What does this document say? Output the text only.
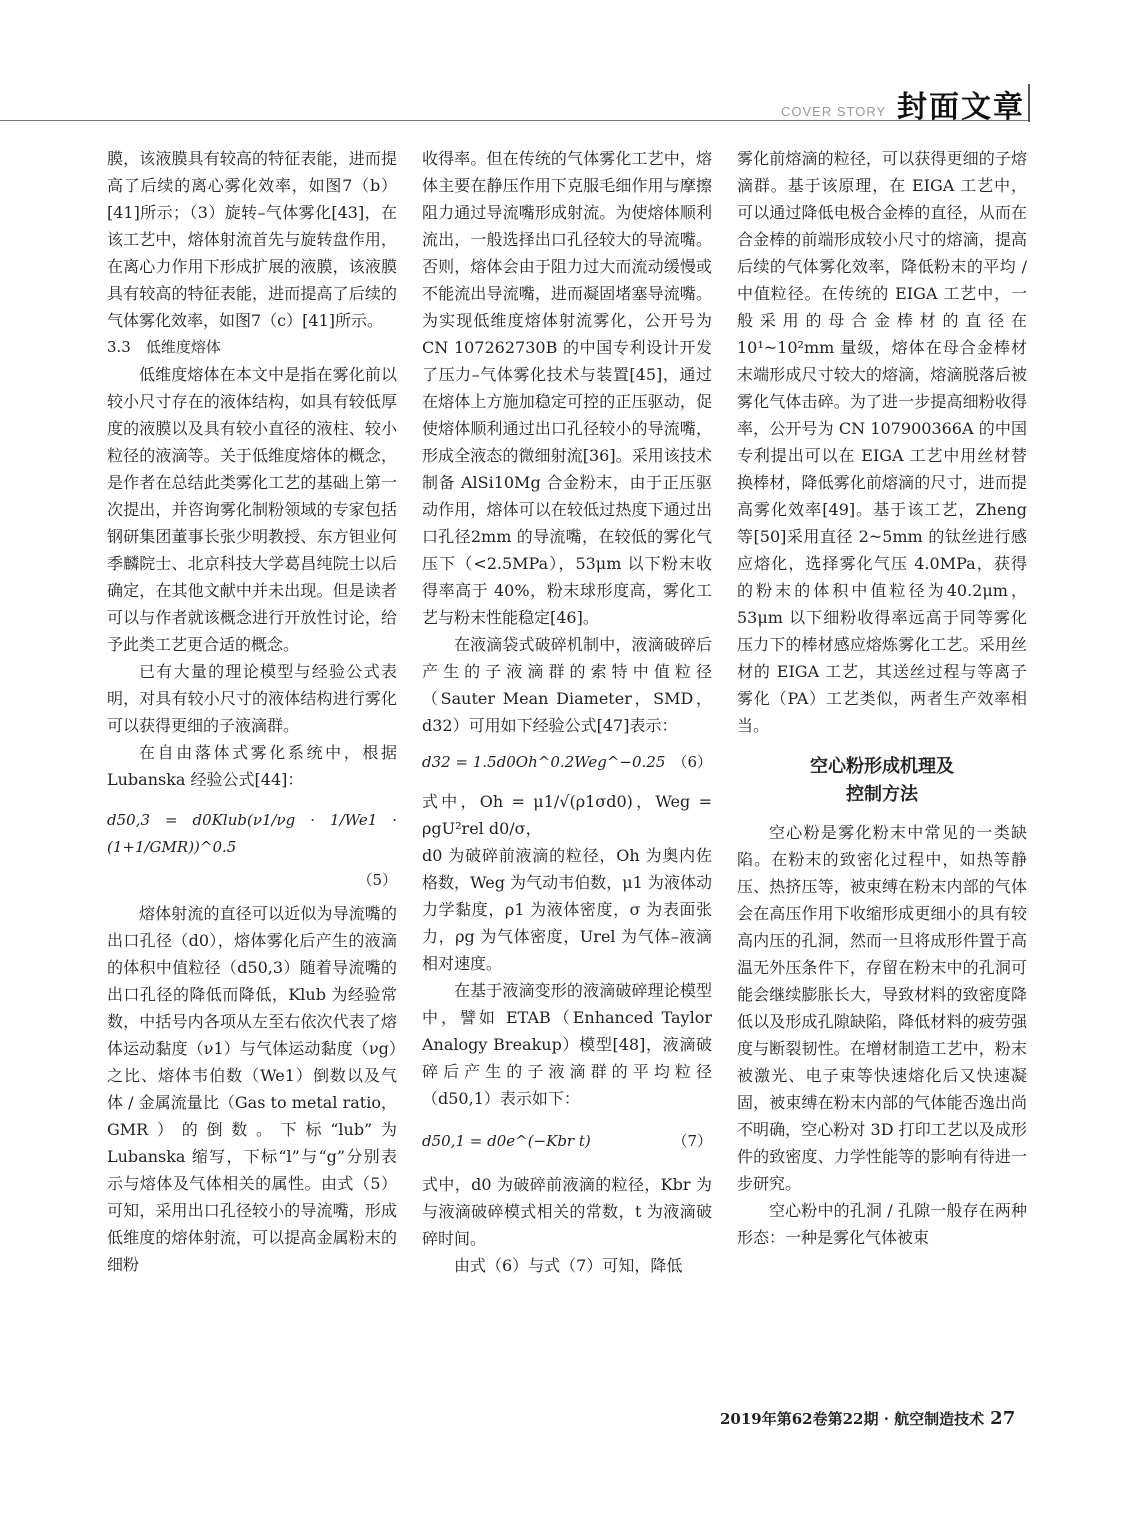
COVER STORY 封面文章

膜，该液膜具有较高的特征表能，进而提高了后续的离心雾化效率，如图7（b）[41]所示；（3）旋转–气体雾化[43]，在该工艺中，熔体射流首先与旋转盘作用，在离心力作用下形成扩展的液膜，该液膜具有较高的特征表能，进而提高了后续的气体雾化效率，如图7（c）[41]所示。

3.3　低维度熔体

低维度熔体在本文中是指在雾化前以较小尺寸存在的液体结构，如具有较低厚度的液膜以及具有较小直径的液柱、较小粒径的液滴等。关于低维度熔体的概念，是作者在总结此类雾化工艺的基础上第一次提出，并咨询雾化制粉领域的专家包括钢研集团董事长张少明教授、东方钽业何季麟院士、北京科技大学葛昌纯院士以后确定，在其他文献中并未出现。但是读者可以与作者就该概念进行开放性讨论，给予此类工艺更合适的概念。

已有大量的理论模型与经验公式表明，对具有较小尺寸的液体结构进行雾化可以获得更细的子液滴群。

在自由落体式雾化系统中，根据Lubanska 经验公式[44]：

d50,3 = d0Klub(ν1/νg · 1/We1 · (1+1/GMR))^0.5
（5）

熔体射流的直径可以近似为导流嘴的出口孔径（d0），熔体雾化后产生的液滴的体积中值粒径（d50,3）随着导流嘴的出口孔径的降低而降低，Klub 为经验常数，中括号内各项从左至右依次代表了熔体运动黏度（ν1）与气体运动黏度（νg）之比、熔体韦伯数（We1）倒数以及气体 / 金属流量比（Gas to metal ratio，GMR）的倒数。下标“lub”为 Lubanska 缩写，下标“l”与“g”分别表示与熔体及气体相关的属性。由式（5）可知，采用出口孔径较小的导流嘴，形成低维度的熔体射流，可以提高金属粉末的细粉

收得率。但在传统的气体雾化工艺中，熔体主要在静压作用下克服毛细作用与摩擦阻力通过导流嘴形成射流。为使熔体顺利流出，一般选择出口孔径较大的导流嘴。否则，熔体会由于阻力过大而流动缓慢或不能流出导流嘴，进而凝固堵塞导流嘴。为实现低维度熔体射流雾化，公开号为CN 107262730B 的中国专利设计开发了压力–气体雾化技术与装置[45]，通过在熔体上方施加稳定可控的正压驱动，促使熔体顺利通过出口孔径较小的导流嘴，形成全液态的微细射流[36]。采用该技术制备 AlSi10Mg 合金粉末，由于正压驱动作用，熔体可以在较低过热度下通过出口孔径2mm 的导流嘴，在较低的雾化气压下（<2.5MPa），53μm 以下粉末收得率高于 40%，粉末球形度高，雾化工艺与粉末性能稳定[46]。

在液滴袋式破碎机制中，液滴破碎后产生的子液滴群的索特中值粒径（Sauter Mean Diameter，SMD，d32）可用如下经验公式[47]表示：

d32 = 1.5d0Oh^0.2Weg^−0.25 （6）

式中，Oh = μ1/√(ρ1σd0)，Weg = ρgU²rel d0/σ，

d0 为破碎前液滴的粒径，Oh 为奥内佐格数，Weg 为气动韦伯数，μ1 为液体动力学黏度，ρ1 为液体密度，σ 为表面张力，ρg 为气体密度，Urel 为气体–液滴相对速度。

在基于液滴变形的液滴破碎理论模型中，譬如 ETAB（Enhanced Taylor Analogy Breakup）模型[48]，液滴破碎后产生的子液滴群的平均粒径（d50,1）表示如下：

d50,1 = d0e^(−Kbr t)	（7）

式中，d0 为破碎前液滴的粒径，Kbr 为与液滴破碎模式相关的常数，t 为液滴破碎时间。

由式（6）与式（7）可知，降低

雾化前熔滴的粒径，可以获得更细的子熔滴群。基于该原理，在 EIGA 工艺中，可以通过降低电极合金棒的直径，从而在合金棒的前端形成较小尺寸的熔滴，提高后续的气体雾化效率，降低粉末的平均 / 中值粒径。在传统的 EIGA 工艺中，一般采用的母合金棒材的直径在10¹~10²mm 量级，熔体在母合金棒材末端形成尺寸较大的熔滴，熔滴脱落后被雾化气体击碎。为了进一步提高细粉收得率，公开号为 CN 107900366A 的中国专利提出可以在 EIGA 工艺中用丝材替换棒材，降低雾化前熔滴的尺寸，进而提高雾化效率[49]。基于该工艺，Zheng 等[50]采用直径 2~5mm 的钛丝进行感应熔化，选择雾化气压 4.0MPa，获得的粉末的体积中值粒径为40.2μm，53μm 以下细粉收得率远高于同等雾化压力下的棒材感应熔炼雾化工艺。采用丝材的 EIGA 工艺，其送丝过程与等离子雾化（PA）工艺类似，两者生产效率相当。

空心粉形成机理及
控制方法

空心粉是雾化粉末中常见的一类缺陷。在粉末的致密化过程中，如热等静压、热挤压等，被束缚在粉末内部的气体会在高压作用下收缩形成更细小的具有较高内压的孔洞，然而一旦将成形件置于高温无外压条件下，存留在粉末中的孔洞可能会继续膨胀长大，导致材料的致密度降低以及形成孔隙缺陷，降低材料的疲劳强度与断裂韧性。在增材制造工艺中，粉末被激光、电子束等快速熔化后又快速凝固，被束缚在粉末内部的气体能否逸出尚不明确，空心粉对 3D 打印工艺以及成形件的致密度、力学性能等的影响有待进一步研究。

空心粉中的孔洞 / 孔隙一般存在两种形态：一种是雾化气体被束

2019年第62卷第22期 · 航空制造技术 27
